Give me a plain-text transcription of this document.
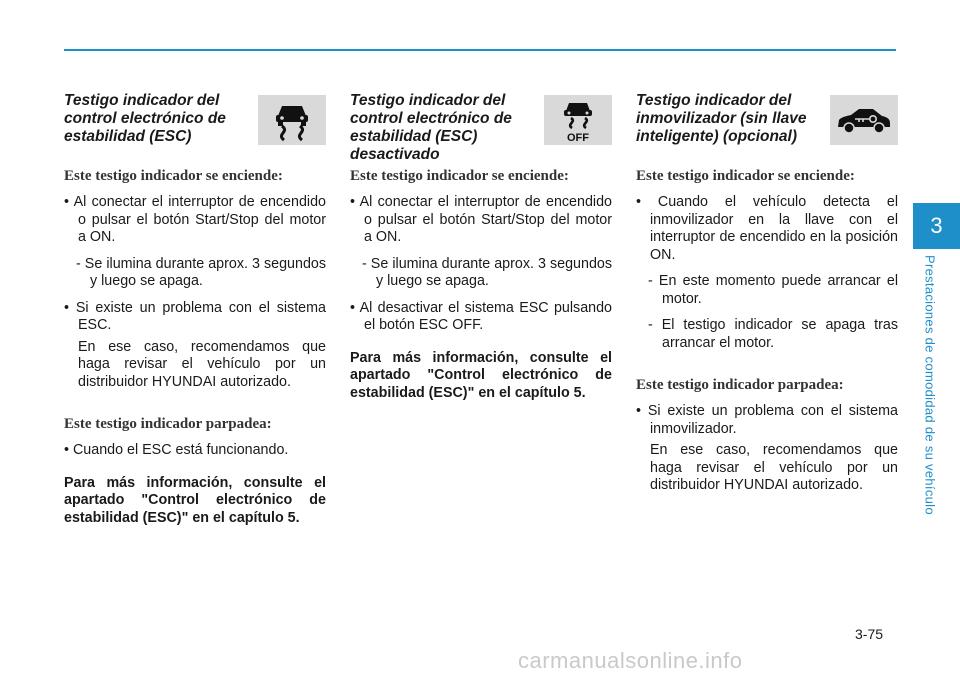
3
Prestaciones de comodidad de su vehículo
Testigo indicador del control electrónico de estabilidad (ESC)
Este testigo indicador se enciende:
• Al conectar el interruptor de encendido o pulsar el botón Start/Stop del motor a ON.
- Se ilumina durante aprox. 3 segundos y luego se apaga.
• Si existe un problema con el sistema ESC.
En ese caso, recomendamos que haga revisar el vehículo por un distribuidor HYUNDAI autorizado.
Este testigo indicador parpadea:
• Cuando el ESC está funcionando.
Para más información, consulte el apartado "Control electrónico de estabilidad (ESC)" en el capítulo 5.
Testigo indicador del control electrónico de estabilidad (ESC) desactivado
OFF
Este testigo indicador se enciende:
• Al conectar el interruptor de encendido o pulsar el botón Start/Stop del motor a ON.
- Se ilumina durante aprox. 3 segundos y luego se apaga.
• Al desactivar el sistema ESC pulsando el botón ESC OFF.
Para más información, consulte el apartado "Control electrónico de estabilidad (ESC)" en el capítulo 5.
Testigo indicador del inmovilizador (sin llave inteligente) (opcional)
Este testigo indicador se enciende:
• Cuando el vehículo detecta el inmovilizador en la llave con el interruptor de encendido en la posición ON.
- En este momento puede arrancar el motor.
- El testigo indicador se apaga tras arrancar el motor.
Este testigo indicador parpadea:
• Si existe un problema con el sistema inmovilizador.
En ese caso, recomendamos que haga revisar el vehículo por un distribuidor HYUNDAI autorizado.
3-75
carmanualsonline.info
